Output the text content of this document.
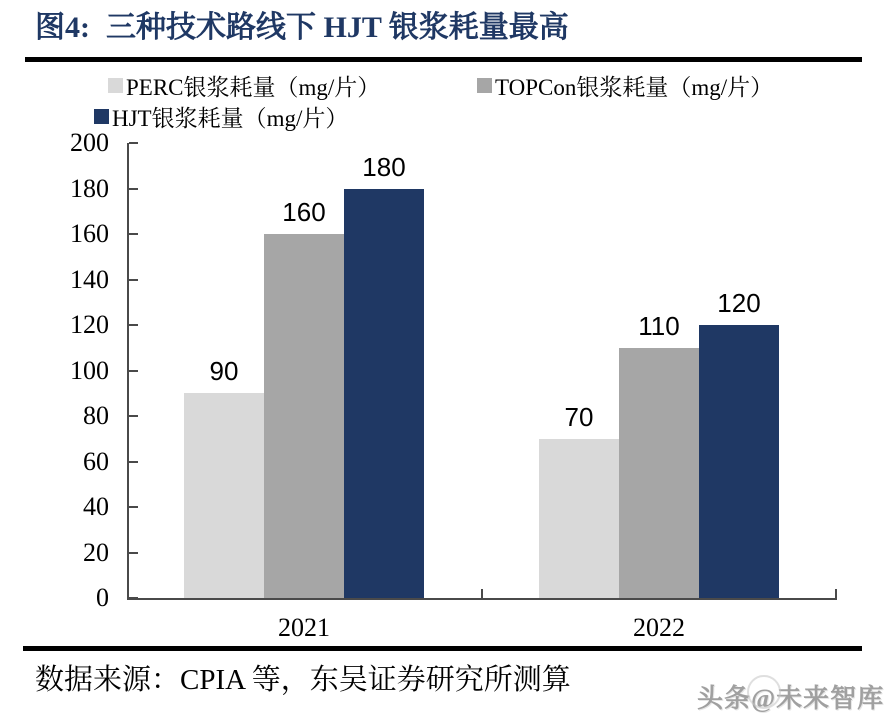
图4: 三种技术路线下 HJT 银浆耗量最高
PERC银浆耗量（mg/片）	TOPCon银浆耗量（mg/片）
HJT银浆耗量（mg/片）
90
160
180
70
110
120
2021	2022
0
20
40
60
80
100
120
140
160
180
200
数据来源：CPIA 等，东吴证券研究所测算
头条@未来智库
